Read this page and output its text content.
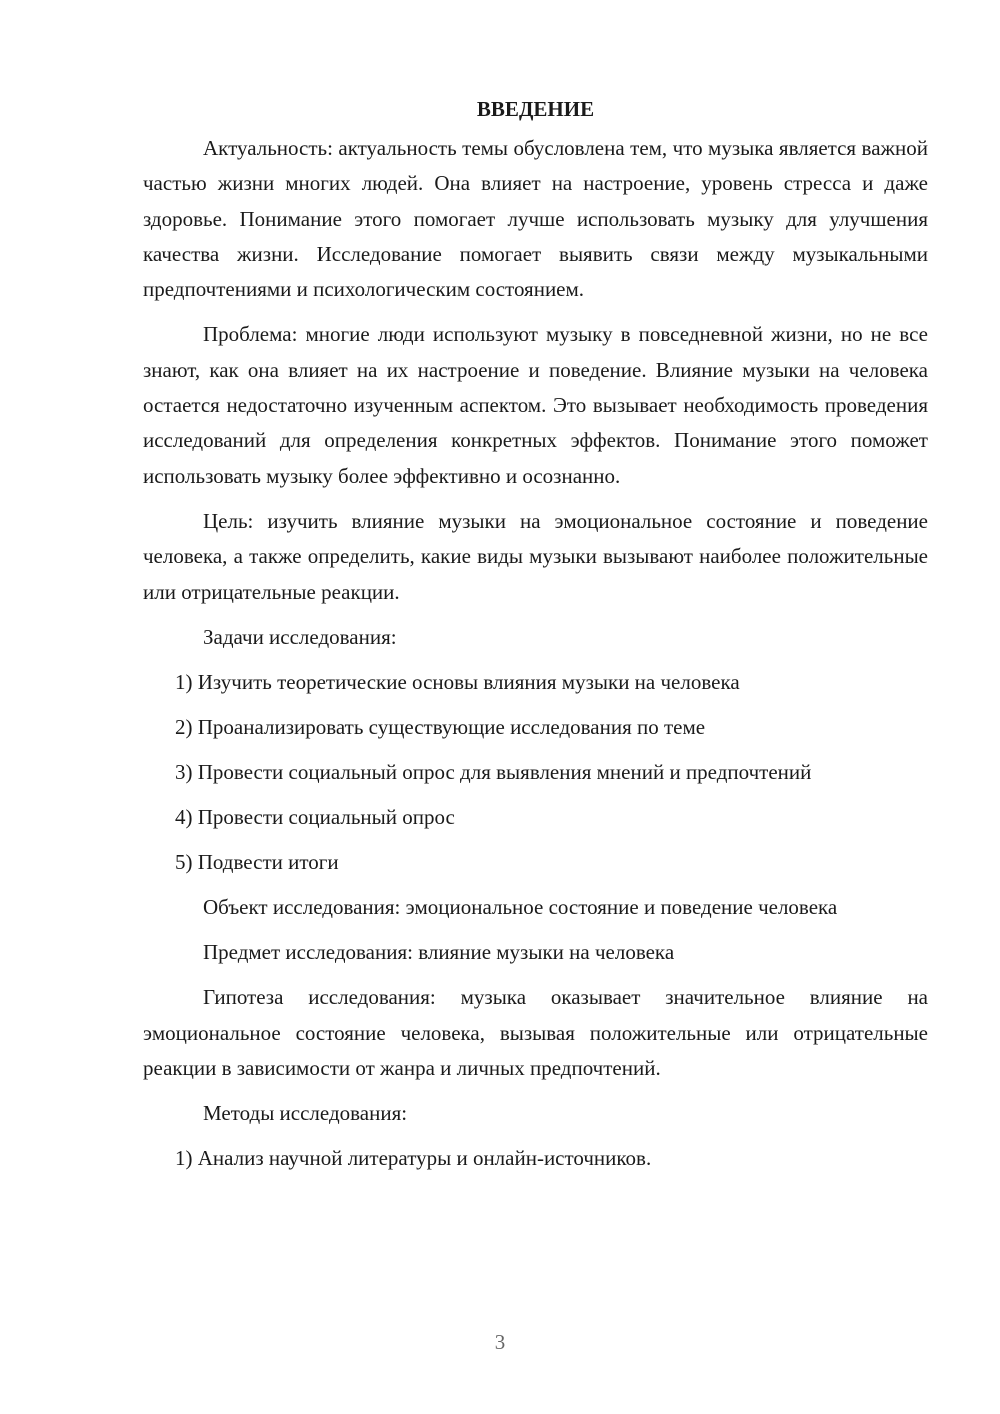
ВВЕДЕНИЕ

Актуальность: актуальность темы обусловлена тем, что музыка является важной частью жизни многих людей. Она влияет на настроение, уровень стресса и даже здоровье. Понимание этого помогает лучше использовать музыку для улучшения качества жизни. Исследование помогает выявить связи между музыкальными предпочтениями и психологическим состоянием.

Проблема: многие люди используют музыку в повседневной жизни, но не все знают, как она влияет на их настроение и поведение. Влияние музыки на человека остается недостаточно изученным аспектом. Это вызывает необходимость проведения исследований для определения конкретных эффектов. Понимание этого поможет использовать музыку более эффективно и осознанно.

Цель: изучить влияние музыки на эмоциональное состояние и поведение человека, а также определить, какие виды музыки вызывают наиболее положительные или отрицательные реакции.

Задачи исследования:
1) Изучить теоретические основы влияния музыки на человека
2) Проанализировать существующие исследования по теме
3) Провести социальный опрос для выявления мнений и предпочтений
4) Провести социальный опрос
5) Подвести итоги

Объект исследования: эмоциональное состояние и поведение человека

Предмет исследования: влияние музыки на человека

Гипотеза исследования: музыка оказывает значительное влияние на эмоциональное состояние человека, вызывая положительные или отрицательные реакции в зависимости от жанра и личных предпочтений.

Методы исследования:
1) Анализ научной литературы и онлайн-источников.
3
